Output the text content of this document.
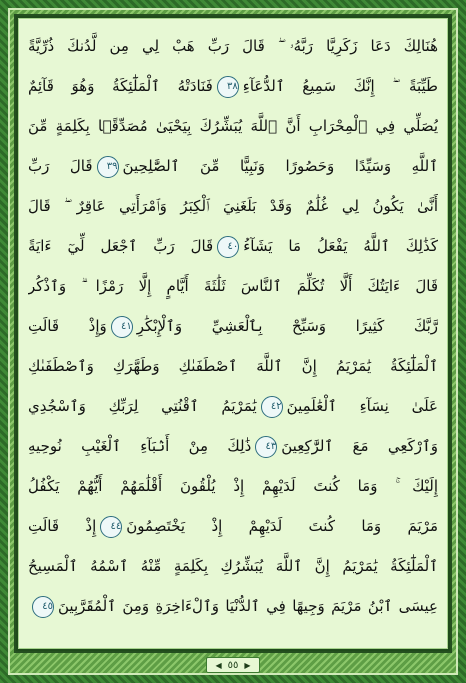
هُنَالِكَ دَعَا زَكَرِيَّا رَبَّهُۥ ۖ قَالَ رَبِّ هَبْ لِي مِن لَّدُنكَ ذُرِّيَّةً
طَيِّبَةً ۖ إِنَّكَ سَمِيعُ ٱلدُّعَآءِ٣٨فَنَادَتْهُ ٱلْمَلَٰٓئِكَةُ وَهُوَ قَآئِمٌ
يُصَلِّي فِي ٱلْمِحْرَابِ أَنَّ ٱللَّهَ يُبَشِّرُكَ بِيَحْيَىٰ مُصَدِّقًۢا بِكَلِمَةٍ مِّنَ
ٱللَّهِ وَسَيِّدًا وَحَصُورًا وَنَبِيًّا مِّنَ ٱلصَّٰلِحِينَ٣٩قَالَ رَبِّ
أَنَّىٰ يَكُونُ لِي غُلَٰمٌ وَقَدْ بَلَغَنِيَ ٱلْكِبَرُ وَٱمْرَأَتِي عَاقِرٌ ۖ قَالَ
كَذَٰلِكَ ٱللَّهُ يَفْعَلُ مَا يَشَآءُ٤٠قَالَ رَبِّ ٱجْعَل لِّيٓ ءَايَةً
قَالَ ءَايَتُكَ أَلَّا تُكَلِّمَ ٱلنَّاسَ ثَلَٰثَةَ أَيَّامٍ إِلَّا رَمْزًا ۗ وَٱذْكُر
رَّبَّكَ كَثِيرًا وَسَبِّحْ بِٱلْعَشِيِّ وَٱلْإِبْكَٰرِ٤١وَإِذْ قَالَتِ
ٱلْمَلَٰٓئِكَةُ يَٰمَرْيَمُ إِنَّ ٱللَّهَ ٱصْطَفَىٰكِ وَطَهَّرَكِ وَٱصْطَفَىٰكِ
عَلَىٰ نِسَآءِ ٱلْعَٰلَمِينَ٤٢يَٰمَرْيَمُ ٱقْنُتِي لِرَبِّكِ وَٱسْجُدِي
وَٱرْكَعِي مَعَ ٱلرَّٰكِعِينَ٤٣ذَٰلِكَ مِنْ أَنۢبَآءِ ٱلْغَيْبِ نُوحِيهِ
إِلَيْكَ ۚ وَمَا كُنتَ لَدَيْهِمْ إِذْ يُلْقُونَ أَقْلَٰمَهُمْ أَيُّهُمْ يَكْفُلُ
مَرْيَمَ وَمَا كُنتَ لَدَيْهِمْ إِذْ يَخْتَصِمُونَ٤٤إِذْ قَالَتِ
ٱلْمَلَٰٓئِكَةُ يَٰمَرْيَمُ إِنَّ ٱللَّهَ يُبَشِّرُكِ بِكَلِمَةٍ مِّنْهُ ٱسْمُهُ ٱلْمَسِيحُ
عِيسَى ٱبْنُ مَرْيَمَ وَجِيهًا فِي ٱلدُّنْيَا وَٱلْءَاخِرَةِ وَمِنَ ٱلْمُقَرَّبِينَ٤٥
◀ ٥٥ ▶
